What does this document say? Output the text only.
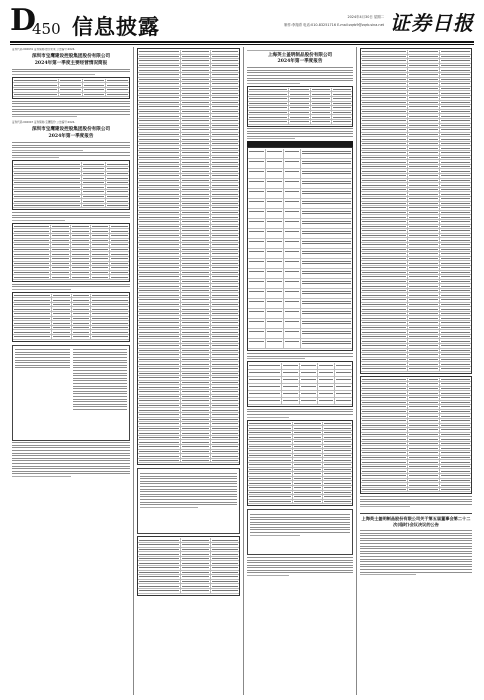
D
450 信息披露	2024年4月30日 星期二
制作:李翔青 电话:010-83251716 E-mail:zqrb9@zqrb.sina.net 证券日报
证券代码:002631 证券简称:德尔未来 公告编号:2024-
深圳市宝鹰建设控股集团股份有限公司
2024年第一季度主要经营情况简报
证券代码:002047 证券简称:宝鹰股份 公告编号:2024-
深圳市宝鹰建设控股集团股份有限公司
2024年第一季度报告
上海英士盖明制品股份有限公司
2024年第一季度报告
上海英士盖明制品股份有限公司关于第五届董事会第二十二次(临时)会议决议的公告
